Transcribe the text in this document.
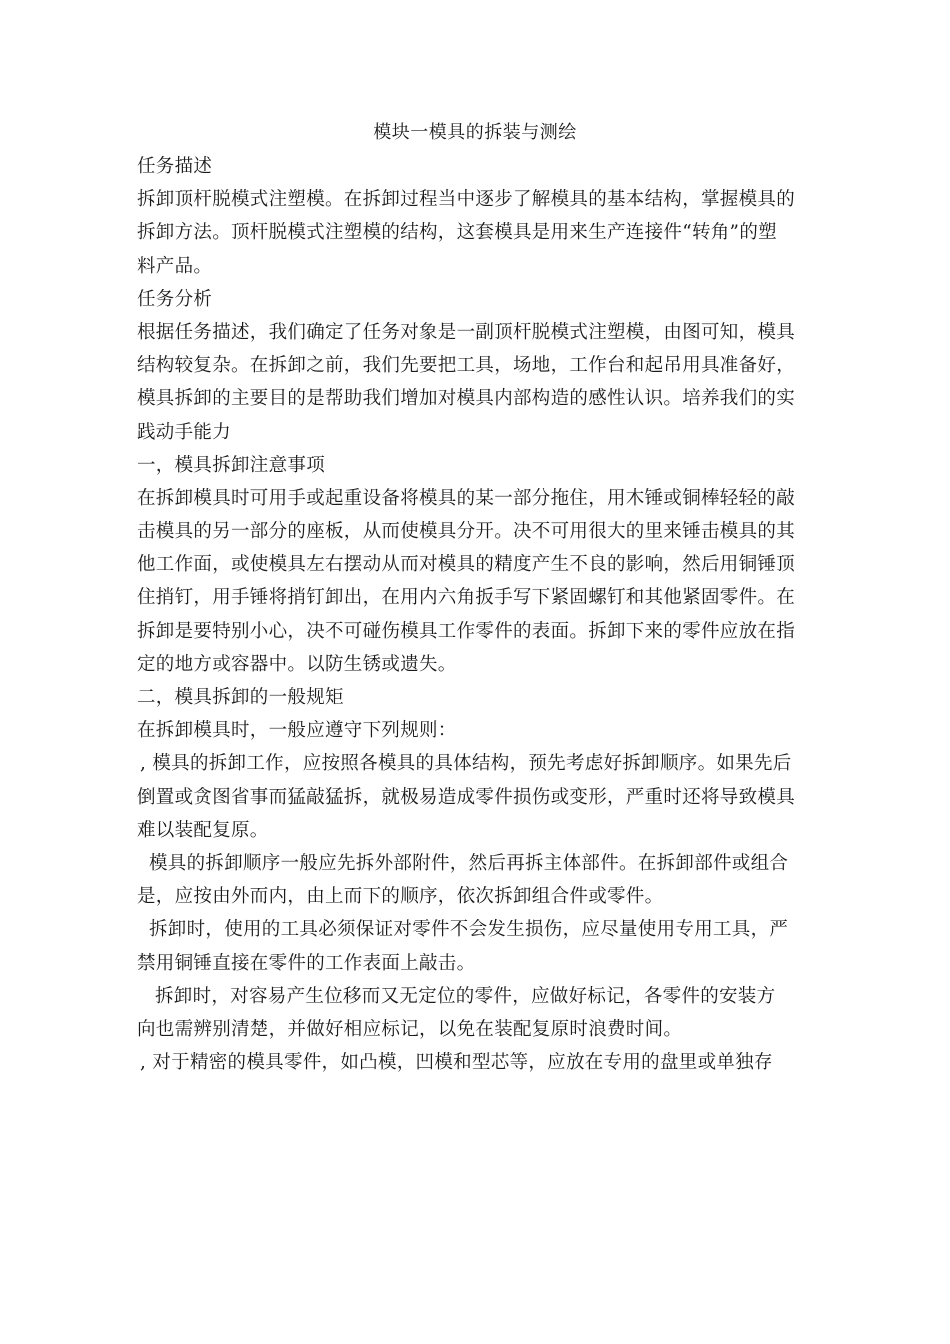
模块一模具的拆装与测绘
任务描述
拆卸顶杆脱模式注塑模。在拆卸过程当中逐步了解模具的基本结构，掌握模具的
拆卸方法。顶杆脱模式注塑模的结构，这套模具是用来生产连接件“转角”的塑
料产品。
任务分析
根据任务描述，我们确定了任务对象是一副顶杆脱模式注塑模，由图可知，模具
结构较复杂。在拆卸之前，我们先要把工具，场地，工作台和起吊用具准备好，
模具拆卸的主要目的是帮助我们增加对模具内部构造的感性认识。培养我们的实
践动手能力
一，模具拆卸注意事项
在拆卸模具时可用手或起重设备将模具的某一部分拖住，用木锤或铜棒轻轻的敲
击模具的另一部分的座板，从而使模具分开。决不可用很大的里来锤击模具的其
他工作面，或使模具左右摆动从而对模具的精度产生不良的影响，然后用铜锤顶
住捎钉，用手锤将捎钉卸出，在用内六角扳手写下紧固螺钉和其他紧固零件。在
拆卸是要特别小心，决不可碰伤模具工作零件的表面。拆卸下来的零件应放在指
定的地方或容器中。以防生锈或遗失。
二，模具拆卸的一般规矩
在拆卸模具时，一般应遵守下列规则：
, 模具的拆卸工作，应按照各模具的具体结构，预先考虑好拆卸顺序。如果先后
倒置或贪图省事而猛敲猛拆，就极易造成零件损伤或变形，严重时还将导致模具
难以装配复原。
模具的拆卸顺序一般应先拆外部附件，然后再拆主体部件。在拆卸部件或组合
是，应按由外而内，由上而下的顺序，依次拆卸组合件或零件。
拆卸时，使用的工具必须保证对零件不会发生损伤，应尽量使用专用工具，严
禁用铜锤直接在零件的工作表面上敲击。
拆卸时，对容易产生位移而又无定位的零件，应做好标记，各零件的安装方
向也需辨别清楚，并做好相应标记，以免在装配复原时浪费时间。
, 对于精密的模具零件，如凸模，凹模和型芯等，应放在专用的盘里或单独存
